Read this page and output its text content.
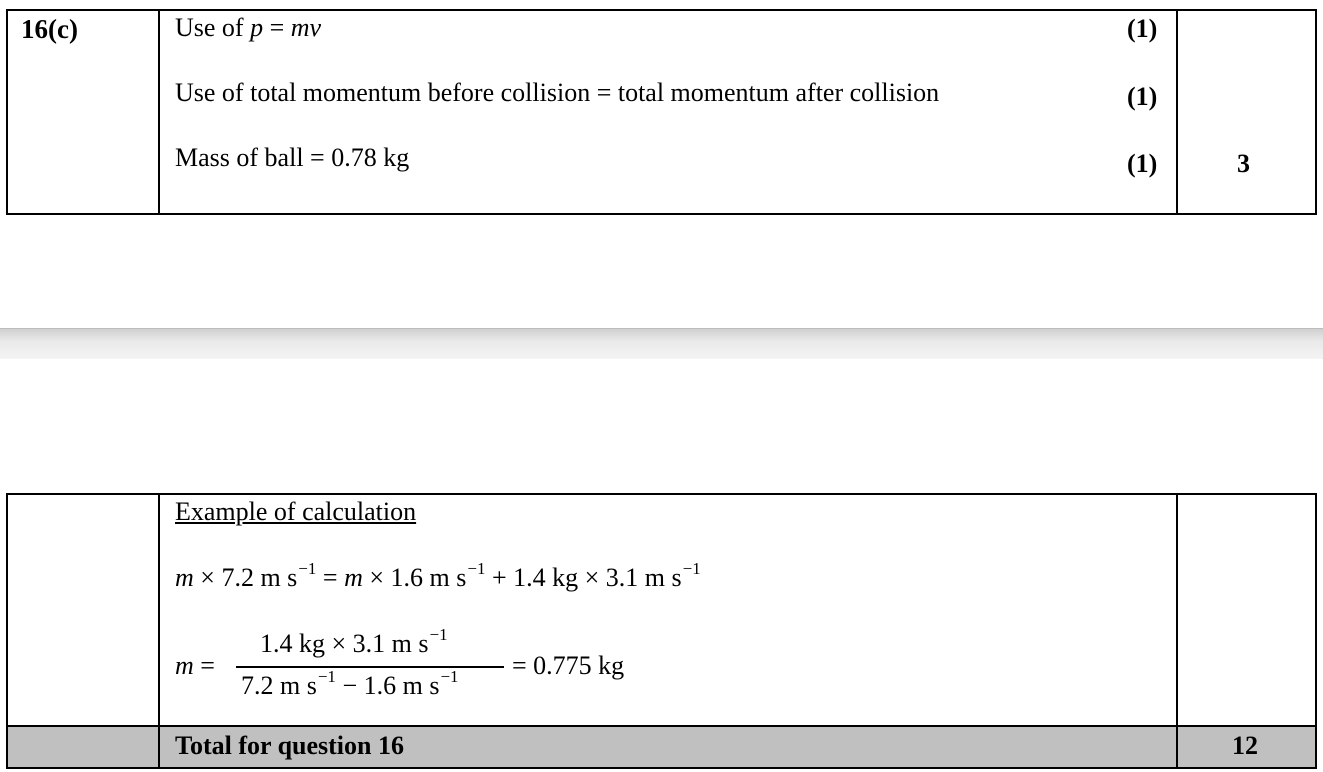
16(c)	Use of p = mv	(1)
Use of total momentum before collision = total momentum after collision	(1)
Mass of ball = 0.78 kg	(1)	3
Example of calculation
m × 7.2 m $s^{-1} = m \times 1.6$ m $s^{-1} + 1.4$ kg × 3.1 m $s^{-1}$
m =
1.4 kg × 3.1 m $s^{-1}$
7.2 m $s^{-1} - 1.6$ m $s^{-1} = 0.775$ kg
Total for question 16	12
